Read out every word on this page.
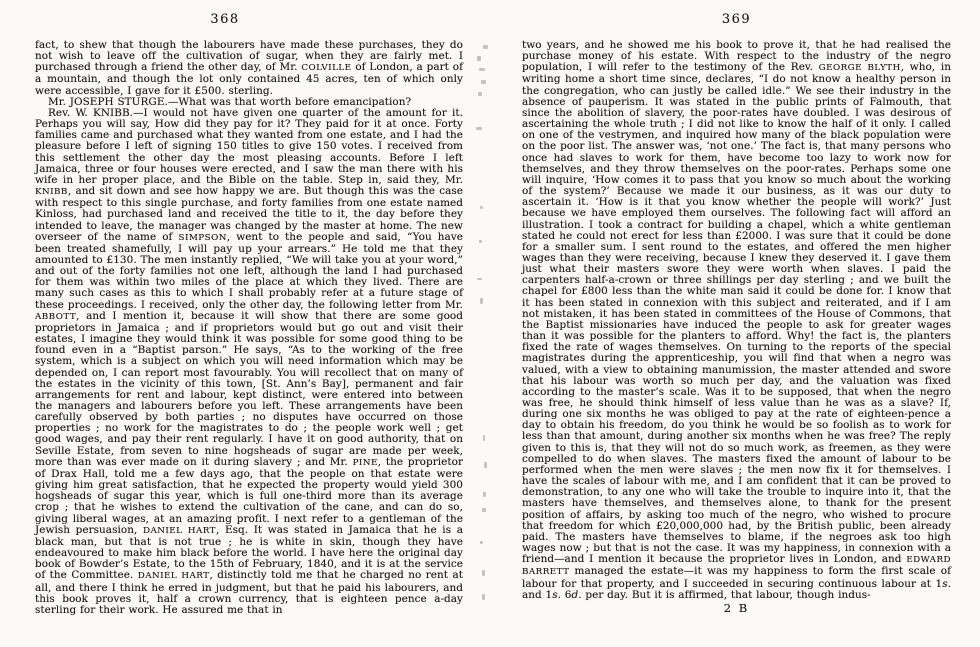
368

fact, to shew that though the labourers have made these purchases, they do not wish to leave off the cultivation of sugar, when they are fairly met. I purchased through a friend the other day, of Mr. COLVILLE of London, a part of a mountain, and though the lot only contained 45 acres, ten of which only were accessible, I gave for it £500. sterling.

Mr. JOSEPH STURGE.—What was that worth before emancipation?

Rev. W. KNIBB.—I would not have given one quarter of the amount for it. Perhaps you will say, How did they pay for it? They paid for it at once. Forty families came and purchased what they wanted from one estate, and I had the pleasure before I left of signing 150 titles to give 150 votes. I received from this settlement the other day the most pleasing accounts. Before I left Jamaica, three or four houses were erected, and I saw the man there with his wife in her proper place, and the Bible on the table. Step in, said they, Mr. KNIBB, and sit down and see how happy we are. But though this was the case with respect to this single purchase, and forty families from one estate named Kinloss, had purchased land and received the title to it, the day before they intended to leave, the manager was changed by the master at home. The new overseer of the name of SIMPSON, went to the people and said, “You have been treated shamefully, I will pay up your arrears.” He told me that they amounted to £130. The men instantly replied, “We will take you at your word,” and out of the forty families not one left, although the land I had purchased for them was within two miles of the place at which they lived. There are many such cases as this to which I shall probably refer at a future stage of these proceedings. I received, only the other day, the following letter from Mr. ABBOTT, and I mention it, because it will show that there are some good proprietors in Jamaica ; and if proprietors would but go out and visit their estates, I imagine they would think it was possible for some good thing to be found even in a “Baptist parson.” He says, “As to the working of the free system, which is a subject on which you will need information which may be depended on, I can report most favourably. You will recollect that on many of the estates in the vicinity of this town, [St. Ann’s Bay], permanent and fair arrangements for rent and labour, kept distinct, were entered into between the managers and labourers before you left. These arrangements have been carefully observed by both parties ; no disputes have occurred on those properties ; no work for the magistrates to do ; the people work well ; get good wages, and pay their rent regularly. I have it on good authority, that on Seville Estate, from seven to nine hogsheads of sugar are made per week, more than was ever made on it during slavery ; and Mr. PINE, the proprietor of Drax Hall, told me a few days ago, that the people on that estate were giving him great satisfaction, that he expected the property would yield 300 hogsheads of sugar this year, which is full one-third more than its average crop ; that he wishes to extend the cultivation of the cane, and can do so, giving liberal wages, at an amazing profit. I next refer to a gentleman of the Jewish persuasion, DANIEL HART, Esq. It was stated in Jamaica that he is a black man, but that is not true ; he is white in skin, though they have endeavoured to make him black before the world. I have here the original day book of Bowder’s Estate, to the 15th of February, 1840, and it is at the service of the Committee. DANIEL HART, distinctly told me that he charged no rent at all, and there I think he erred in judgment, but that he paid his labourers, and this book proves it, half a crown currency, that is eighteen pence a-day sterling for their work. He assured me that in

369

two years, and he showed me his book to prove it, that he had realised the purchase money of his estate. With respect to the industry of the negro population, I will refer to the testimony of the Rev. GEORGE BLYTH, who, in writing home a short time since, declares, “I do not know a healthy person in the congregation, who can justly be called idle.” We see their industry in the absence of pauperism. It was stated in the public prints of Falmouth, that since the abolition of slavery, the poor-rates have doubled. I was desirous of ascertaining the whole truth ; I did not like to know the half of it only. I called on one of the vestrymen, and inquired how many of the black population were on the poor list. The answer was, ‘not one.’ The fact is, that many persons who once had slaves to work for them, have become too lazy to work now for themselves, and they throw themselves on the poor-rates. Perhaps some one will inquire, ‘How comes it to pass that you know so much about the working of the system?’ Because we made it our business, as it was our duty to ascertain it. ‘How is it that you know whether the people will work?’ Just because we have employed them ourselves. The following fact will afford an illustration. I took a contract for building a chapel, which a white gentleman stated he could not erect for less than £2000. I was sure that it could be done for a smaller sum. I sent round to the estates, and offered the men higher wages than they were receiving, because I knew they deserved it. I gave them just what their masters swore they were worth when slaves. I paid the carpenters half-a-crown or three shillings per day sterling ; and we built the chapel for £800 less than the white man said it could be done for. I know that it has been stated in connexion with this subject and reiterated, and if I am not mistaken, it has been stated in committees of the House of Commons, that the Baptist missionaries have induced the people to ask for greater wages than it was possible for the planters to afford. Why! the fact is, the planters fixed the rate of wages themselves. On turning to the reports of the special magistrates during the apprenticeship, you will find that when a negro was valued, with a view to obtaining manumission, the master attended and swore that his labour was worth so much per day, and the valuation was fixed according to the master’s scale. Was it to be supposed, that when the negro was free, he should think himself of less value than he was as a slave? If, during one six months he was obliged to pay at the rate of eighteen-pence a day to obtain his freedom, do you think he would be so foolish as to work for less than that amount, during another six months when he was free? The reply given to this is, that they will not do so much work, as freemen, as they were compelled to do when slaves. The masters fixed the amount of labour to be performed when the men were slaves ; the men now fix it for themselves. I have the scales of labour with me, and I am confident that it can be proved to demonstration, to any one who will take the trouble to inquire into it, that the masters have themselves, and themselves alone, to thank for the present position of affairs, by asking too much of the negro, who wished to procure that freedom for which £20,000,000 had, by the British public, been already paid. The masters have themselves to blame, if the negroes ask too high wages now ; but that is not the case. It was my happiness, in connexion with a friend—and I mention it because the proprietor lives in London, and EDWARD BARRETT managed the estate—it was my happiness to form the first scale of labour for that property, and I succeeded in securing continuous labour at 1s. and 1s. 6d. per day. But it is affirmed, that labour, though indus-

2 B
